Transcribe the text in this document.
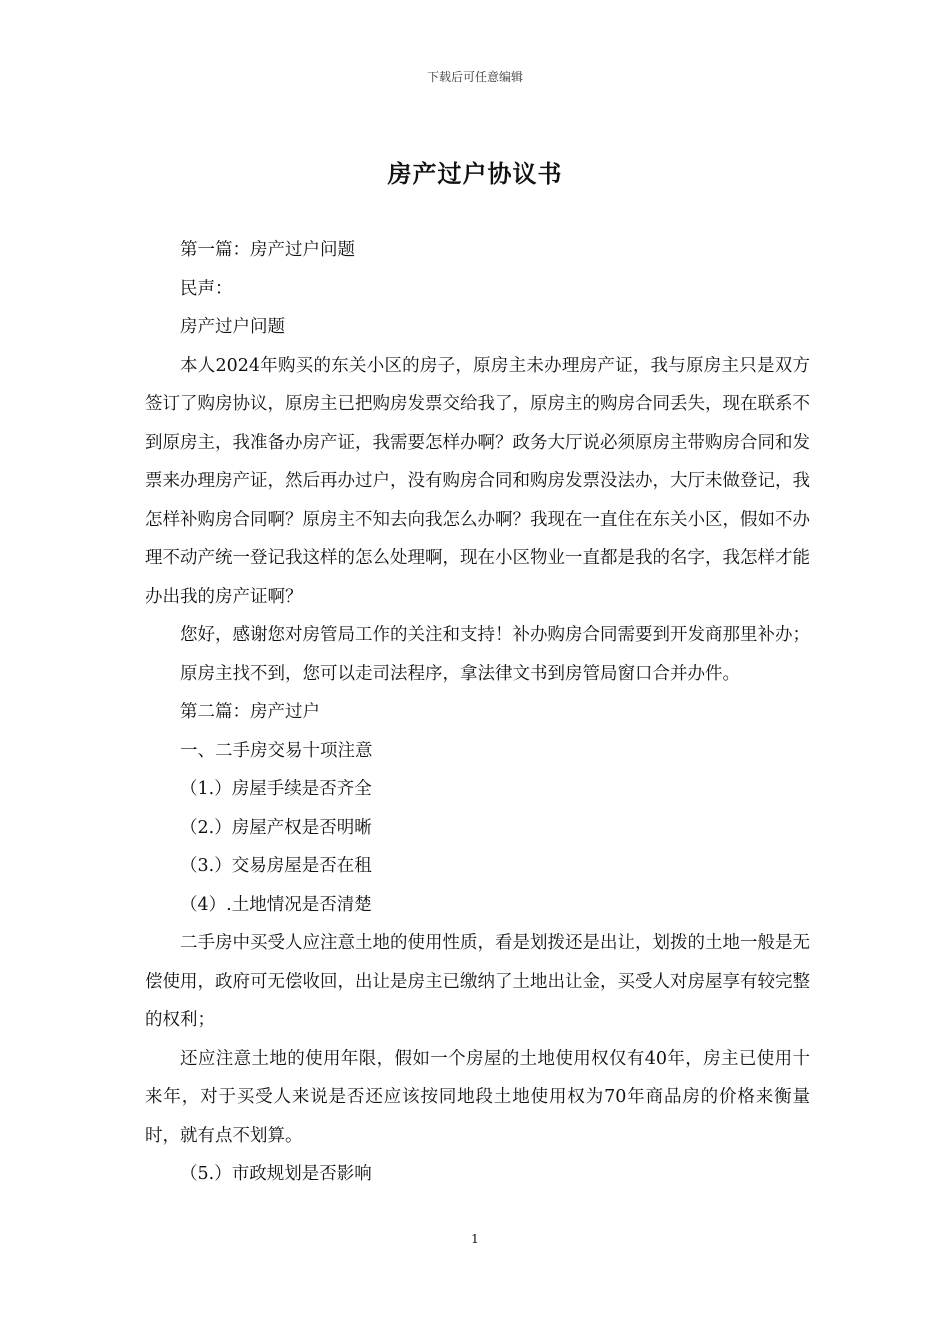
下载后可任意编辑
房产过户协议书

第一篇：房产过户问题

民声：

房产过户问题

本人2024年购买的东关小区的房子，原房主未办理房产证，我与原房主只是双方签订了购房协议，原房主已把购房发票交给我了，原房主的购房合同丢失，现在联系不到原房主，我准备办房产证，我需要怎样办啊？政务大厅说必须原房主带购房合同和发票来办理房产证，然后再办过户，没有购房合同和购房发票没法办，大厅未做登记，我怎样补购房合同啊？原房主不知去向我怎么办啊？我现在一直住在东关小区，假如不办理不动产统一登记我这样的怎么处理啊，现在小区物业一直都是我的名字，我怎样才能办出我的房产证啊？

您好，感谢您对房管局工作的关注和支持！补办购房合同需要到开发商那里补办；

原房主找不到，您可以走司法程序，拿法律文书到房管局窗口合并办件。

第二篇：房产过户

一、二手房交易十项注意

（1.）房屋手续是否齐全

（2.）房屋产权是否明晰

（3.）交易房屋是否在租

（4）.土地情况是否清楚

二手房中买受人应注意土地的使用性质，看是划拨还是出让，划拨的土地一般是无偿使用，政府可无偿收回，出让是房主已缴纳了土地出让金，买受人对房屋享有较完整的权利；

还应注意土地的使用年限，假如一个房屋的土地使用权仅有40年，房主已使用十来年，对于买受人来说是否还应该按同地段土地使用权为70年商品房的价格来衡量时，就有点不划算。

（5.）市政规划是否影响

1
